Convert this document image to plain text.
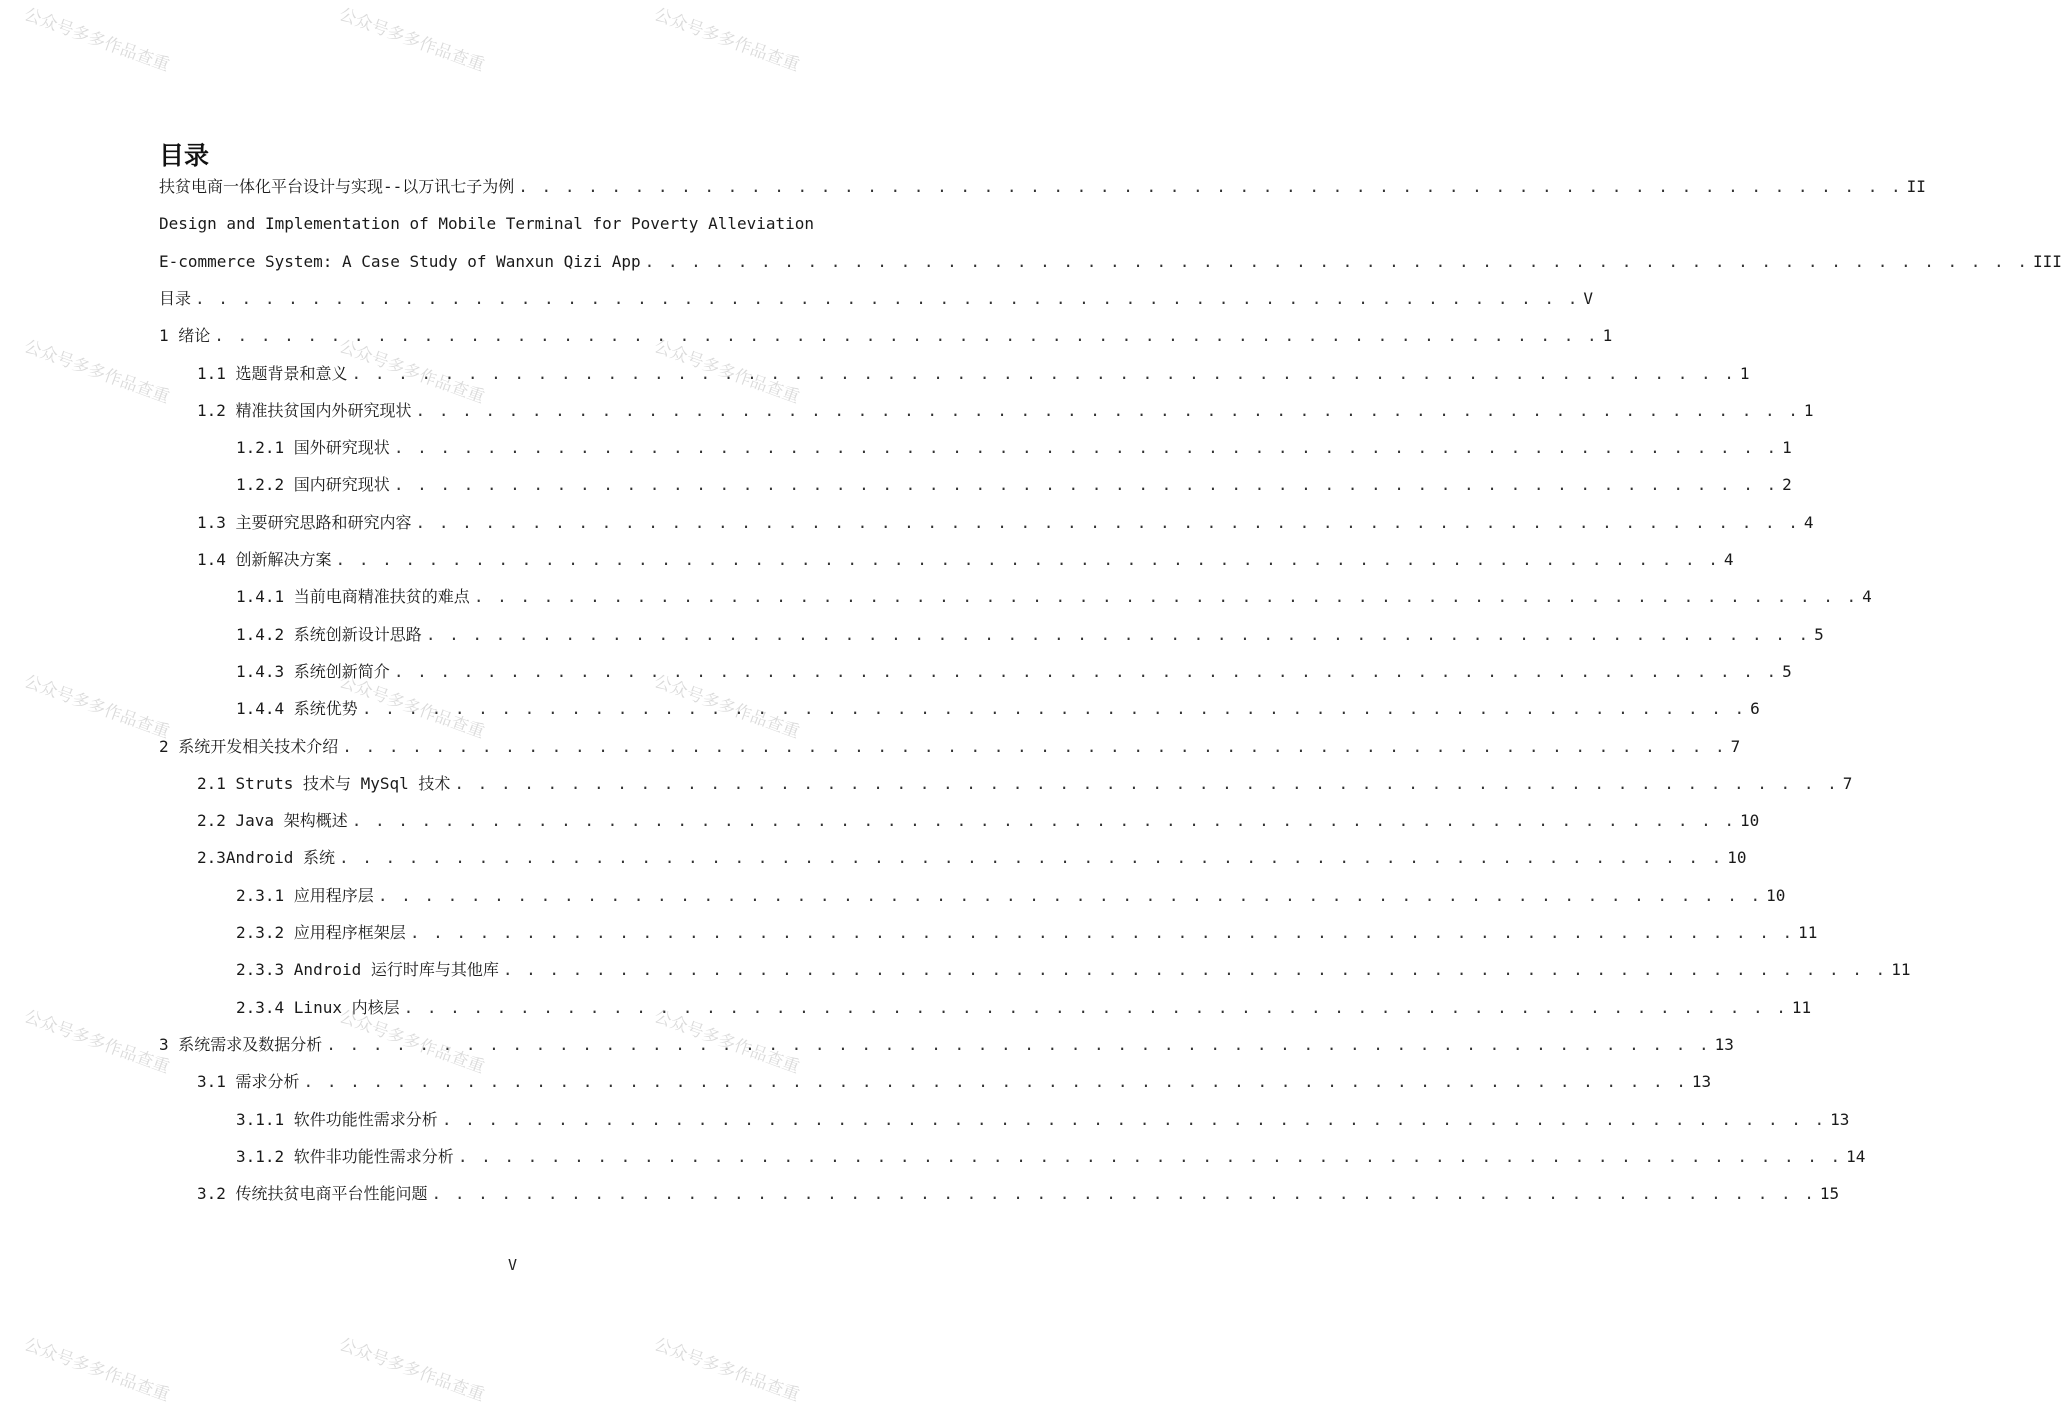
公众号多多作品查重	公众号多多作品查重	公众号多多作品查重
公众号多多作品查重	公众号多多作品查重	公众号多多作品查重
公众号多多作品查重	公众号多多作品查重	公众号多多作品查重
公众号多多作品查重	公众号多多作品查重	公众号多多作品查重
公众号多多作品查重	公众号多多作品查重	公众号多多作品查重
目录
扶贫电商一体化平台设计与实现--以万讯七子为例 . . . . . . . . . . . . . . . . . . . . . . . . . . . . . . . . . . . . . . . . . . . . . . . . . . . . . . . . . . . . II
Design and Implementation of Mobile Terminal for Poverty Alleviation
E-commerce System: A Case Study of Wanxun Qizi App . . . . . . . . . . . . . . . . . . . . . . . . . . . . . . . . . . . . . . . . . . . . . . . . . . . . . . . . . . . . III
目录 . . . . . . . . . . . . . . . . . . . . . . . . . . . . . . . . . . . . . . . . . . . . . . . . . . . . . . . . . . . . V
1 绪论 . . . . . . . . . . . . . . . . . . . . . . . . . . . . . . . . . . . . . . . . . . . . . . . . . . . . . . . . . . . . 1
1.1 选题背景和意义 . . . . . . . . . . . . . . . . . . . . . . . . . . . . . . . . . . . . . . . . . . . . . . . . . . . . . . . . . . . . 1
1.2 精准扶贫国内外研究现状 . . . . . . . . . . . . . . . . . . . . . . . . . . . . . . . . . . . . . . . . . . . . . . . . . . . . . . . . . . . . 1
1.2.1 国外研究现状 . . . . . . . . . . . . . . . . . . . . . . . . . . . . . . . . . . . . . . . . . . . . . . . . . . . . . . . . . . . . 1
1.2.2 国内研究现状 . . . . . . . . . . . . . . . . . . . . . . . . . . . . . . . . . . . . . . . . . . . . . . . . . . . . . . . . . . . . 2
1.3 主要研究思路和研究内容 . . . . . . . . . . . . . . . . . . . . . . . . . . . . . . . . . . . . . . . . . . . . . . . . . . . . . . . . . . . . 4
1.4 创新解决方案 . . . . . . . . . . . . . . . . . . . . . . . . . . . . . . . . . . . . . . . . . . . . . . . . . . . . . . . . . . . . 4
1.4.1 当前电商精准扶贫的难点 . . . . . . . . . . . . . . . . . . . . . . . . . . . . . . . . . . . . . . . . . . . . . . . . . . . . . . . . . . . . 4
1.4.2 系统创新设计思路 . . . . . . . . . . . . . . . . . . . . . . . . . . . . . . . . . . . . . . . . . . . . . . . . . . . . . . . . . . . . 5
1.4.3 系统创新简介 . . . . . . . . . . . . . . . . . . . . . . . . . . . . . . . . . . . . . . . . . . . . . . . . . . . . . . . . . . . . 5
1.4.4 系统优势 . . . . . . . . . . . . . . . . . . . . . . . . . . . . . . . . . . . . . . . . . . . . . . . . . . . . . . . . . . . . 6
2 系统开发相关技术介绍 . . . . . . . . . . . . . . . . . . . . . . . . . . . . . . . . . . . . . . . . . . . . . . . . . . . . . . . . . . . . 7
2.1 Struts 技术与 MySql 技术 . . . . . . . . . . . . . . . . . . . . . . . . . . . . . . . . . . . . . . . . . . . . . . . . . . . . . . . . . . . . 7
2.2 Java 架构概述 . . . . . . . . . . . . . . . . . . . . . . . . . . . . . . . . . . . . . . . . . . . . . . . . . . . . . . . . . . . . 10
2.3Android 系统 . . . . . . . . . . . . . . . . . . . . . . . . . . . . . . . . . . . . . . . . . . . . . . . . . . . . . . . . . . . . 10
2.3.1 应用程序层 . . . . . . . . . . . . . . . . . . . . . . . . . . . . . . . . . . . . . . . . . . . . . . . . . . . . . . . . . . . . 10
2.3.2 应用程序框架层 . . . . . . . . . . . . . . . . . . . . . . . . . . . . . . . . . . . . . . . . . . . . . . . . . . . . . . . . . . . . 11
2.3.3 Android 运行时库与其他库 . . . . . . . . . . . . . . . . . . . . . . . . . . . . . . . . . . . . . . . . . . . . . . . . . . . . . . . . . . . . 11
2.3.4 Linux 内核层 . . . . . . . . . . . . . . . . . . . . . . . . . . . . . . . . . . . . . . . . . . . . . . . . . . . . . . . . . . . . 11
3 系统需求及数据分析 . . . . . . . . . . . . . . . . . . . . . . . . . . . . . . . . . . . . . . . . . . . . . . . . . . . . . . . . . . . . 13
3.1 需求分析 . . . . . . . . . . . . . . . . . . . . . . . . . . . . . . . . . . . . . . . . . . . . . . . . . . . . . . . . . . . . 13
3.1.1 软件功能性需求分析 . . . . . . . . . . . . . . . . . . . . . . . . . . . . . . . . . . . . . . . . . . . . . . . . . . . . . . . . . . . . 13
3.1.2 软件非功能性需求分析 . . . . . . . . . . . . . . . . . . . . . . . . . . . . . . . . . . . . . . . . . . . . . . . . . . . . . . . . . . . . 14
3.2 传统扶贫电商平台性能问题 . . . . . . . . . . . . . . . . . . . . . . . . . . . . . . . . . . . . . . . . . . . . . . . . . . . . . . . . . . . . 15
V
